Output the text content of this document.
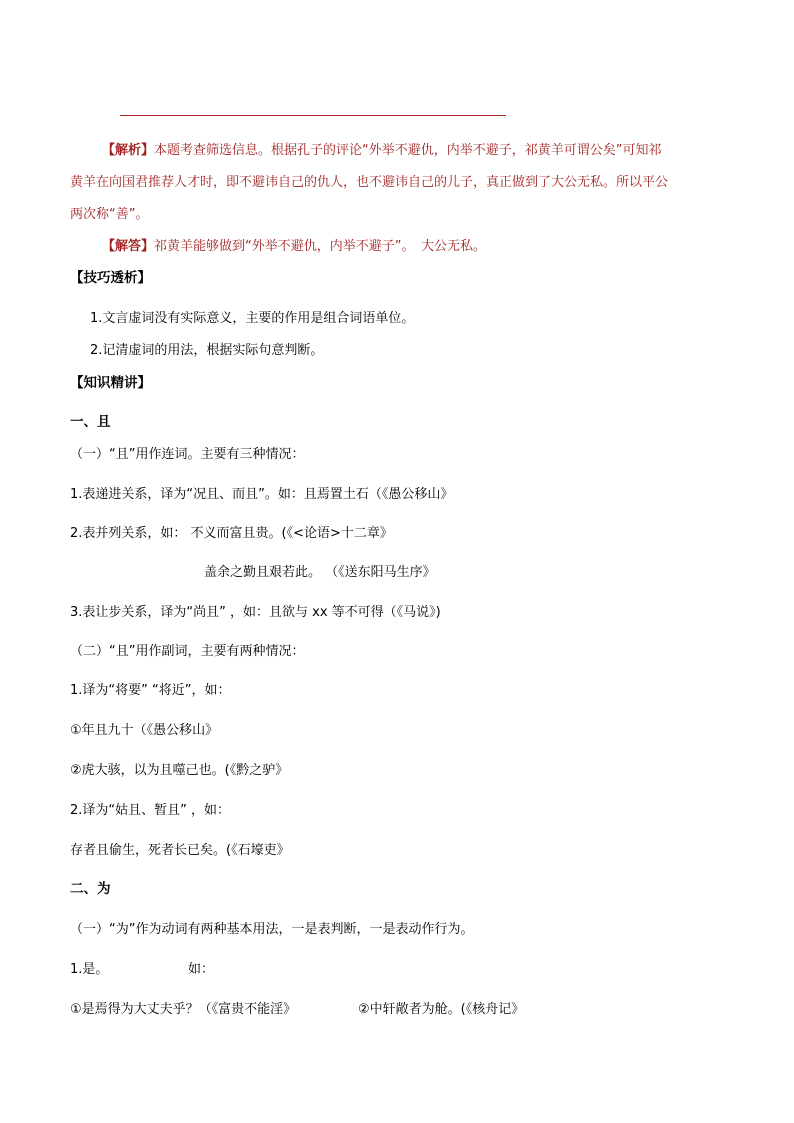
【解析】本题考查筛选信息。根据孔子的评论“外举不避仇，内举不避子，祁黄羊可谓公矣”可知祁
黄羊在向国君推荐人才时，即不避讳自己的仇人，也不避讳自己的儿子，真正做到了大公无私。所以平公
两次称“善”。
【解答】祁黄羊能够做到“外举不避仇，内举不避子”。　大公无私。
【技巧透析】
1.文言虚词没有实际意义，主要的作用是组合词语单位。
2.记清虚词的用法，根据实际句意判断。
【知识精讲】
一、且
（一）“且”用作连词。主要有三种情况：
1.表递进关系，译为“况且、而且”。如：且焉置土石（《愚公移山》
2.表并列关系，如： 不义而富且贵。(《<论语>十二章》
盖余之勤且艰若此。 （《送东阳马生序》
3.表让步关系，译为“尚且” ，如：且欲与 xx 等不可得（《马说》)
（二）“且”用作副词，主要有两种情况：
1.译为“将要” “将近”，如：
①年且九十（《愚公移山》
②虎大骇，以为且噬己也。(《黔之驴》
2.译为“姑且、暂且” ，如：
存者且偷生，死者长已矣。(《石壕吏》
二、为
（一）“为”作为动词有两种基本用法，一是表判断，一是表动作行为。
1.是。	如：
①是焉得为大丈夫乎？（《富贵不能淫》	②中轩敞者为舱。(《核舟记》
